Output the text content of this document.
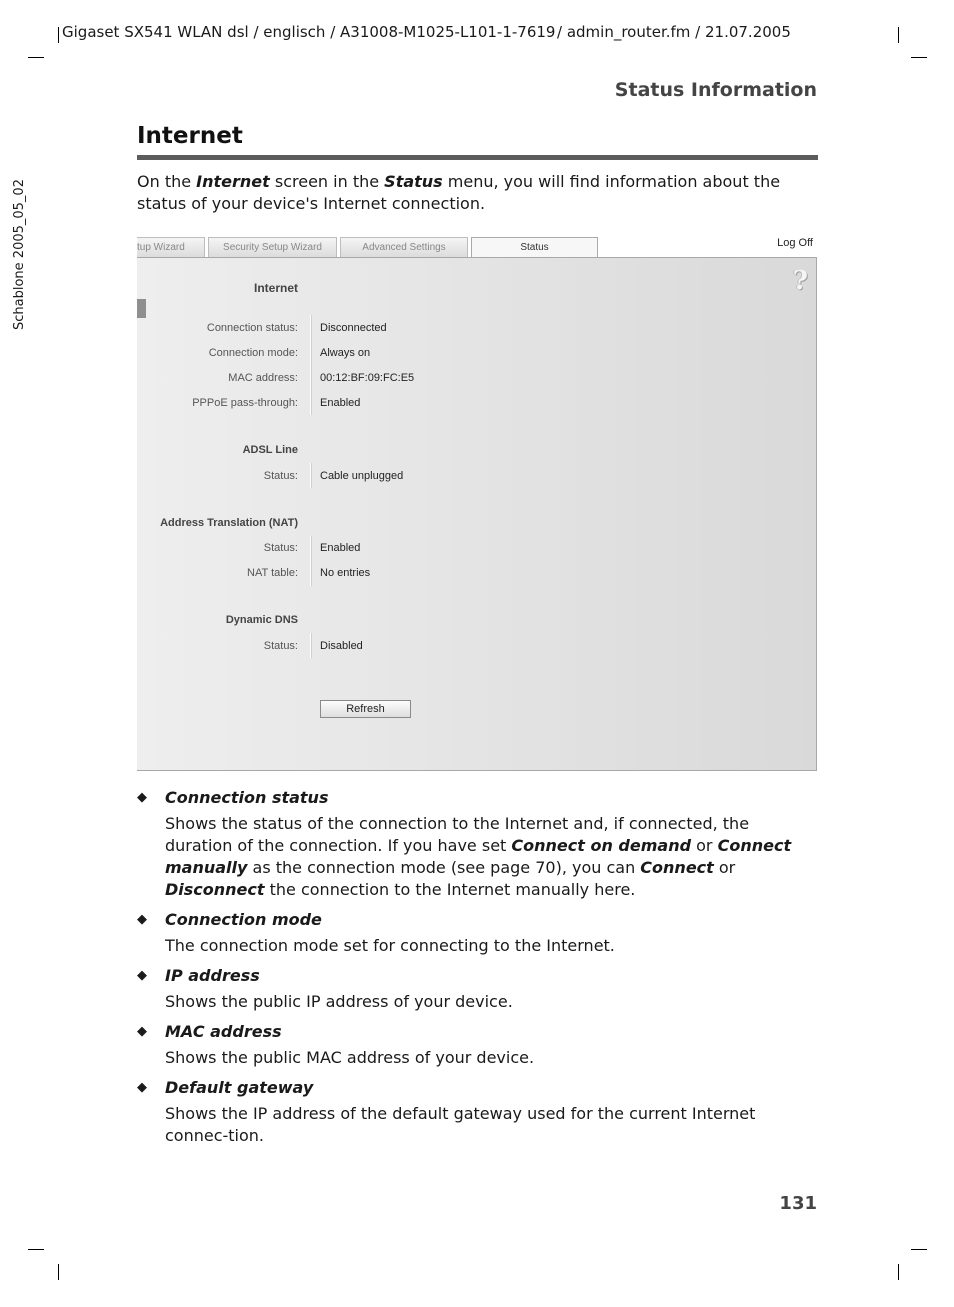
Gigaset SX541 WLAN dsl / englisch / A31008-M1025-L101-1-7619 / admin_router.fm / 21.07.2005
Schablone 2005_05_02
Status Information
Internet
On the Internet screen in the Status menu, you will find information about the status of your device's Internet connection.
tup Wizard	Security Setup Wizard	Advanced Settings	Status	Log Off
?
Internet
Connection status: Disconnected
Connection mode: Always on
MAC address: 00:12:BF:09:FC:E5
PPPoE pass-through: Enabled
ADSL Line
Status: Cable unplugged
Address Translation (NAT)
Status: Enabled
NAT table: No entries
Dynamic DNS
Status: Disabled
Refresh
◆ Connection status
Shows the status of the connection to the Internet and, if connected, the duration of the connection. If you have set Connect on demand or Connect manually as the connection mode (see page 70), you can Connect or Disconnect the connection to the Internet manually here.
◆ Connection mode
The connection mode set for connecting to the Internet.
◆ IP address
Shows the public IP address of your device.
◆ MAC address
Shows the public MAC address of your device.
◆ Default gateway
Shows the IP address of the default gateway used for the current Internet connec-tion.
131
